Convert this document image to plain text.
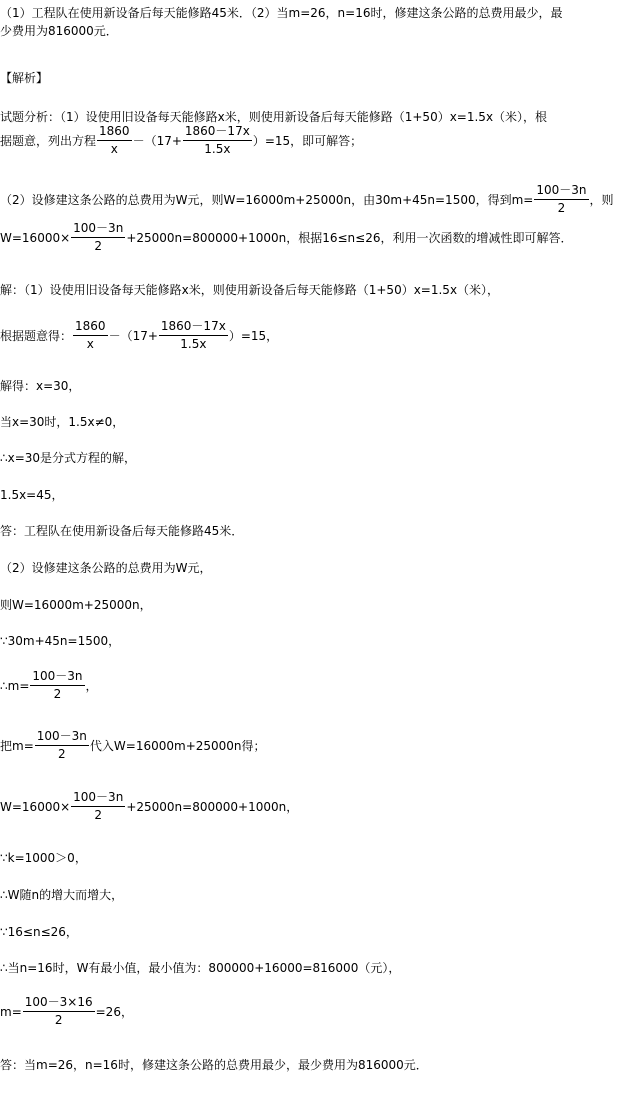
（1）工程队在使用新设备后每天能修路45米．（2）当m=26，n=16时，修建这条公路的总费用最少，最
少费用为816000元．
【解析】
试题分析：（1）设使用旧设备每天能修路x米，则使用新设备后每天能修路（1+50）x=1.5x（米），根
据题意，列出方程 $\frac{1860}{x} -(17+ \frac{1860-17x}{1.5x} )=15$，即可解答；
（2）设修建这条公路的总费用为W元，则W=16000m+25000n，由30m+45n=1500，得到$m= \frac{100-3n}{2}$ ，则
$W=16000\times \frac{100-3n}{2} +25000n=800000+1000n$，根据16≤n≤26，利用一次函数的增减性即可解答．
解：（1）设使用旧设备每天能修路x米，则使用新设备后每天能修路（1+50）x=1.5x（米），
根据题意得： $\frac{1860}{x} -(17+ \frac{1860-17x}{1.5x} )=15$，
解得：x=30，
当x=30时，1.5x≠0，
∴x=30是分式方程的解，
1.5x=45，
答：工程队在使用新设备后每天能修路45米．
（2）设修建这条公路的总费用为W元，
则W=16000m+25000n，
∵30m+45n=1500，
∴m= $\frac{100-3n}{2}$ ，
把$m= \frac{100-3n}{2}$ 代入W=16000m+25000n得；
$W=16000\times \frac{100-3n}{2} +25000n=800000+1000n$，
∵k=1000＞0，
∴W随n的增大而增大，
∵16≤n≤26，
∴当n=16时，W有最小值，最小值为：800000+16000=816000（元），
$m= \frac{100-3\times 16}{2} =26$，
答：当m=26，n=16时，修建这条公路的总费用最少，最少费用为816000元．
